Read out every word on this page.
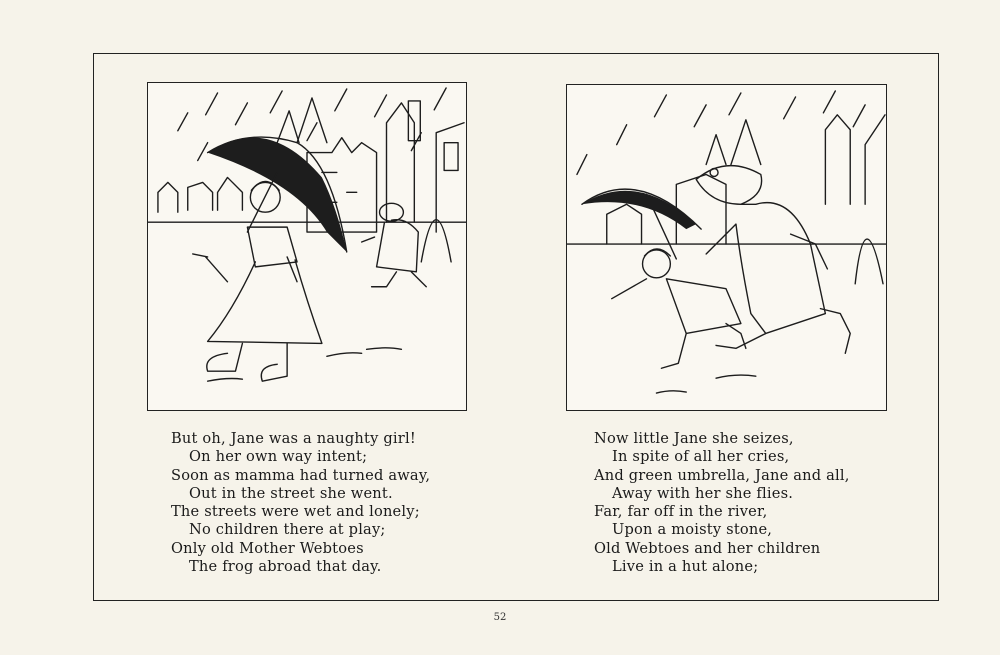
But oh, Jane was a naughty girl!
On her own way intent;
Soon as mamma had turned away,
Out in the street she went.
The streets were wet and lonely;
No children there at play;
Only old Mother Webtoes
The frog abroad that day.
Now little Jane she seizes,
In spite of all her cries,
And green umbrella, Jane and all,
Away with her she flies.
Far, far off in the river,
Upon a moisty stone,
Old Webtoes and her children
Live in a hut alone;
52
